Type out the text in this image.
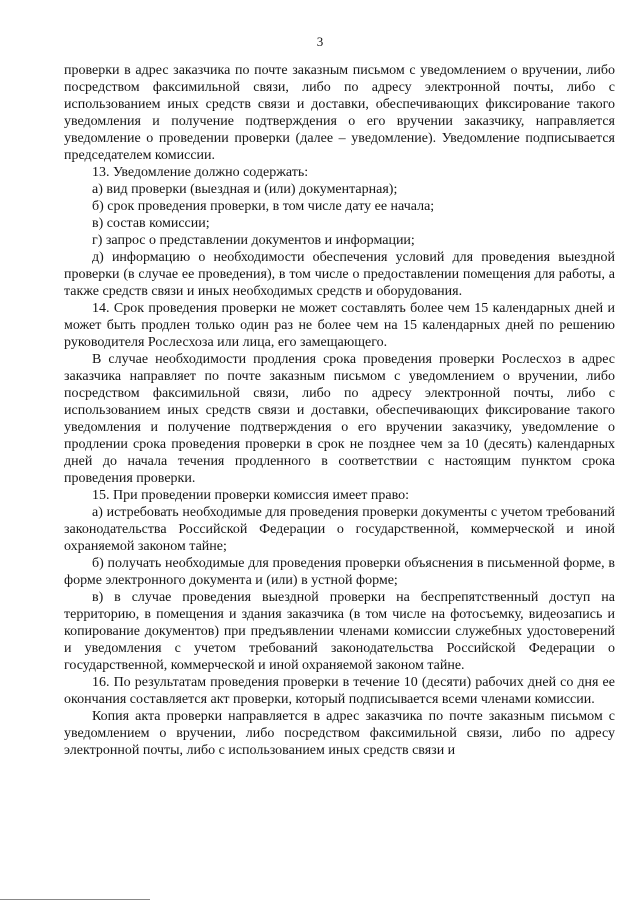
3

проверки в адрес заказчика по почте заказным письмом с уведомлением о вручении, либо посредством факсимильной связи, либо по адресу электронной почты, либо с использованием иных средств связи и доставки, обеспечивающих фиксирование такого уведомления и получение подтверждения о его вручении заказчику, направляется уведомление о проведении проверки (далее – уведомление). Уведомление подписывается председателем комиссии.

13. Уведомление должно содержать:

а) вид проверки (выездная и (или) документарная);

б) срок проведения проверки, в том числе дату ее начала;

в) состав комиссии;

г) запрос о представлении документов и информации;

д) информацию о необходимости обеспечения условий для проведения выездной проверки (в случае ее проведения), в том числе о предоставлении помещения для работы, а также средств связи и иных необходимых средств и оборудования.

14. Срок проведения проверки не может составлять более чем 15 календарных дней и может быть продлен только один раз не более чем на 15 календарных дней по решению руководителя Рослесхоза или лица, его замещающего.

В случае необходимости продления срока проведения проверки Рослесхоз в адрес заказчика направляет по почте заказным письмом с уведомлением о вручении, либо посредством факсимильной связи, либо по адресу электронной почты, либо с использованием иных средств связи и доставки, обеспечивающих фиксирование такого уведомления и получение подтверждения о его вручении заказчику, уведомление о продлении срока проведения проверки в срок не позднее чем за 10 (десять) календарных дней до начала течения продленного в соответствии с настоящим пунктом срока проведения проверки.

15. При проведении проверки комиссия имеет право:

а) истребовать необходимые для проведения проверки документы с учетом требований законодательства Российской Федерации о государственной, коммерческой и иной охраняемой законом тайне;

б) получать необходимые для проведения проверки объяснения в письменной форме, в форме электронного документа и (или) в устной форме;

в) в случае проведения выездной проверки на беспрепятственный доступ на территорию, в помещения и здания заказчика (в том числе на фотосъемку, видеозапись и копирование документов) при предъявлении членами комиссии служебных удостоверений и уведомления с учетом требований законодательства Российской Федерации о государственной, коммерческой и иной охраняемой законом тайне.

16. По результатам проведения проверки в течение 10 (десяти) рабочих дней со дня ее окончания составляется акт проверки, который подписывается всеми членами комиссии.

Копия акта проверки направляется в адрес заказчика по почте заказным письмом с уведомлением о вручении, либо посредством факсимильной связи, либо по адресу электронной почты, либо с использованием иных средств связи и
